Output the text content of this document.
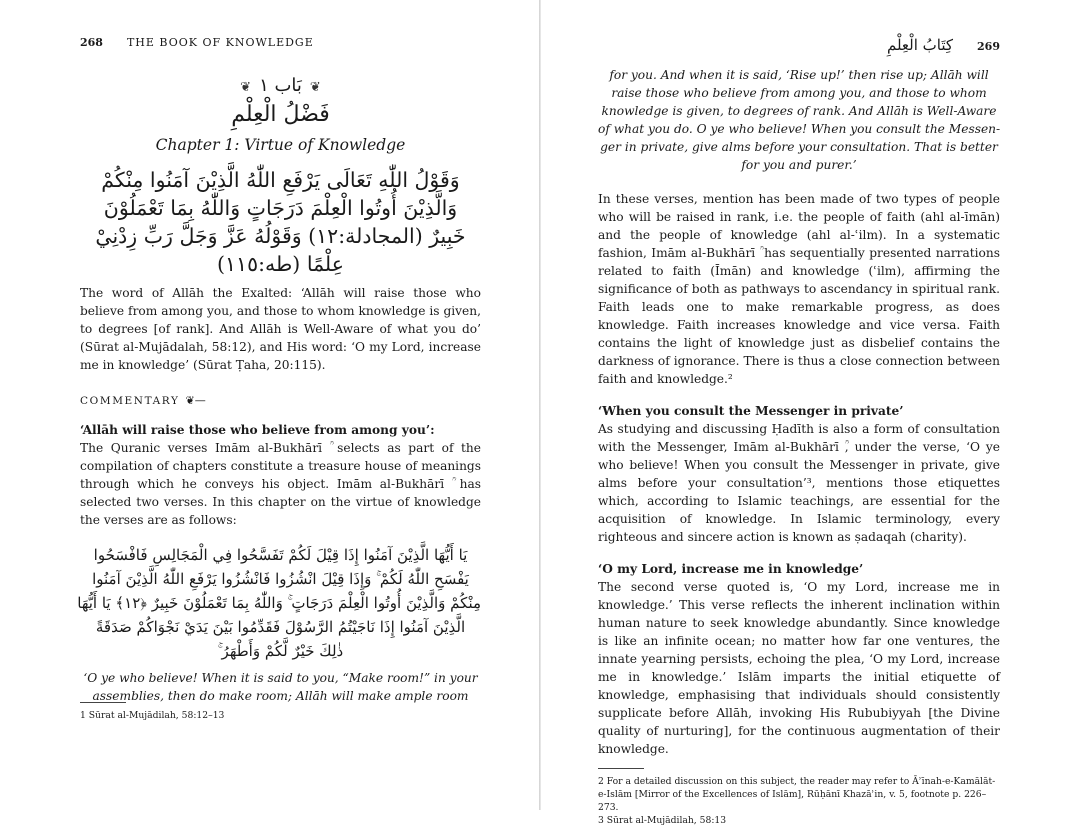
268 THE BOOK OF KNOWLEDGE
❦بَاب ١❦
فَضْلُ الْعِلْمِ
Chapter 1: Virtue of Knowledge
وَقَوْلُ اللّٰهِ تَعَالَى يَرْفَعِ اللّٰهُ الَّذِيْنَ آمَنُوا مِنْكُمْ
وَالَّذِيْنَ أُوتُوا الْعِلْمَ دَرَجَاتٍ وَاللّٰهُ بِمَا تَعْمَلُوْنَ
خَبِيرٌ (المجادلة:١٢) وَقَوْلُهُ عَزَّ وَجَلَّ رَبِّ زِدْنِيْ
عِلْمًا (طه:١١٥)

The word of Allāh the Exalted: ‘Allāh will raise those who believe from among you, and those to whom knowledge is given, to degrees [of rank]. And Allāh is Well-Aware of what you do’ (Sūrat al-Mujādalah, 58:12), and His word: ‘O my Lord, increase me in knowledge’ (Sūrat Ṭaha, 20:115).

COMMENTARY ❦—
‘Allāh will raise those who believe from among you’:

The Quranic verses Imām al-Bukhārī ؒ selects as part of the compilation of chapters constitute a treasure house of meanings through which he conveys his object. Imām al-Bukhārī ؒ has selected two verses. In this chapter on the virtue of knowledge the verses are as follows:

يَا أَيُّهَا الَّذِيْنَ آمَنُوا إِذَا قِيْلَ لَكُمْ تَفَسَّحُوا فِي الْمَجَالِسِ فَافْسَحُوا
يَفْسَحِ اللّٰهُ لَكُمْ ۚ وَإِذَا قِيْلَ انْشُزُوا فَانْشُزُوا يَرْفَعِ اللّٰهُ الَّذِيْنَ آمَنُوا
مِنْكُمْ وَالَّذِيْنَ أُوتُوا الْعِلْمَ دَرَجَاتٍ ۚ وَاللّٰهُ بِمَا تَعْمَلُوْنَ خَبِيرٌ ﴿١٢﴾ يَا أَيُّهَا
الَّذِيْنَ آمَنُوا إِذَا نَاجَيْتُمُ الرَّسُوْلَ فَقَدِّمُوا بَيْنَ يَدَيْ نَجْوَاكُمْ صَدَقَةً
ذٰلِكَ خَيْرٌ لَّكُمْ وَأَطْهَرُ ۚ
‘O ye who believe! When it is said to you, “Make room!” in your
assemblies, then do make room; Allāh will make ample room
1 Sūrat al-Mujādilah, 58:12–13
كِتَابُ الْعِلْمِ 269
for you. And when it is said, ‘Rise up!’ then rise up; Allāh will
raise those who believe from among you, and those to whom
knowledge is given, to degrees of rank. And Allāh is Well-Aware
of what you do. O ye who believe! When you consult the Messen-
ger in private, give alms before your consultation. That is better
for you and purer.’

In these verses, mention has been made of two types of people who will be raised in rank, i.e. the people of faith (ahl al-īmān) and the people of knowledge (ahl al-ʿilm). In a systematic fashion, Imām al-Bukhārī ؒ has sequentially presented narrations related to faith (Īmān) and knowledge (ʿilm), affirming the significance of both as pathways to ascendancy in spiritual rank. Faith leads one to make remarkable progress, as does knowledge. Faith increases knowledge and vice versa. Faith contains the light of knowledge just as disbelief contains the darkness of ignorance. There is thus a close connection between faith and knowledge.²

‘When you consult the Messenger in private’

As studying and discussing Ḥadīth is also a form of consultation with the Messenger, Imām al-Bukhārī ؒ, under the verse, ‘O ye who believe! When you consult the Messenger in private, give alms before your consultation’³, mentions those etiquettes which, according to Islamic teachings, are essential for the acquisition of knowledge. In Islamic terminology, every righteous and sincere action is known as ṣadaqah (charity).

‘O my Lord, increase me in knowledge’

The second verse quoted is, ‘O my Lord, increase me in knowledge.’ This verse reflects the inherent inclination within human nature to seek knowledge abundantly. Since knowledge is like an infinite ocean; no matter how far one ventures, the innate yearning persists, echoing the plea, ‘O my Lord, increase me in knowledge.’ Islām imparts the initial etiquette of knowledge, emphasising that individuals should consistently supplicate before Allāh, invoking His Rububiyyah [the Divine quality of nurturing], for the continuous augmentation of their knowledge.

2 For a detailed discussion on this subject, the reader may refer to Āʾīnah-e-Kamālāt-e-Islām [Mirror of the Excellences of Islām], Rūḥānī Khazāʾin, v. 5, footnote p. 226–273.
3 Sūrat al-Mujādilah, 58:13
